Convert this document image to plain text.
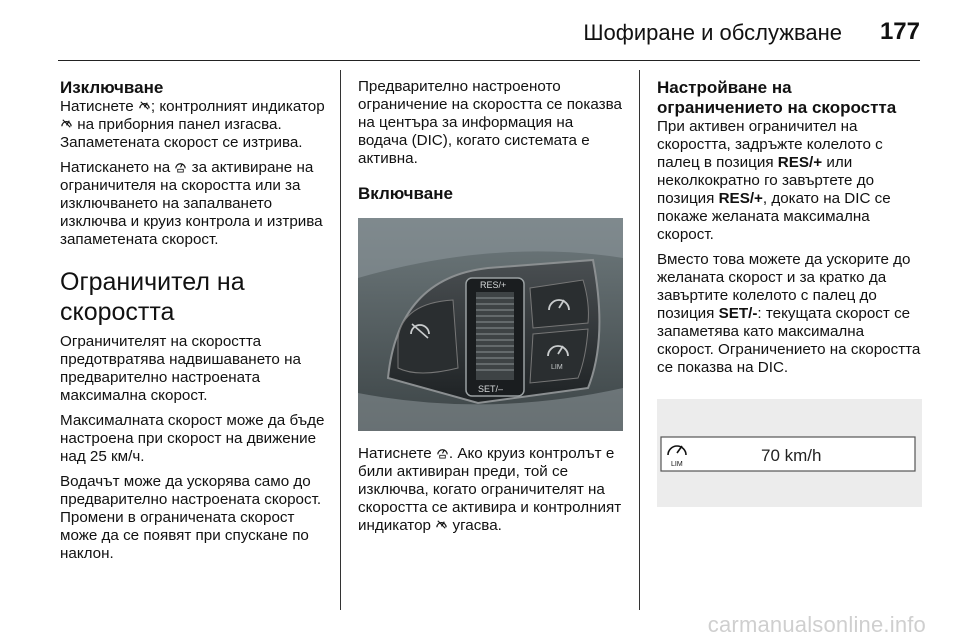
Шофиране и обслужване 177
Изключване

Натиснете ; контролният индикатор  на приборния панел изгасва. Запаметената скорост се изтрива.

Натискането на за активиране на ограничителя на скоростта или за изключването на запалването изключва и круиз контрола и изтрива запаметената скорост.

Ограничител на скоростта

Ограничителят на скоростта предотвратява надвишаването на предварително настроената максимална скорост.

Максималната скорост може да бъде настроена при скорост на движение над 25 км/ч.

Водачът може да ускорява само до предварително настроената скорост. Промени в ограничената скорост може да се появят при спускане по наклон.

Предварително настроеното ограничение на скоростта се показва на центъра за информация на водача (DIC), когато системата е активна.

Включване
RES/+
SET/–
LIM

Натиснете . Ако круиз контролът е били активиран преди, той се изключва, когато ограничителят на скоростта се активира и контролният индикатор угасва.

Настройване на ограничението на скоростта

При активен ограничител на скоростта, задръжте колелото с палец в позиция RES/+ или неколкократно го завъртете до позиция RES/+, докато на DIC се покаже желаната максимална скорост.

Вместо това можете да ускорите до желаната скорост и за кратко да завъртите колелото с палец до позиция SET/-: текущата скорост се запаметява като максимална скорост. Ограничението на скоростта се показва на DIC.

LIM	70 km/h
carmanualsonline.info
